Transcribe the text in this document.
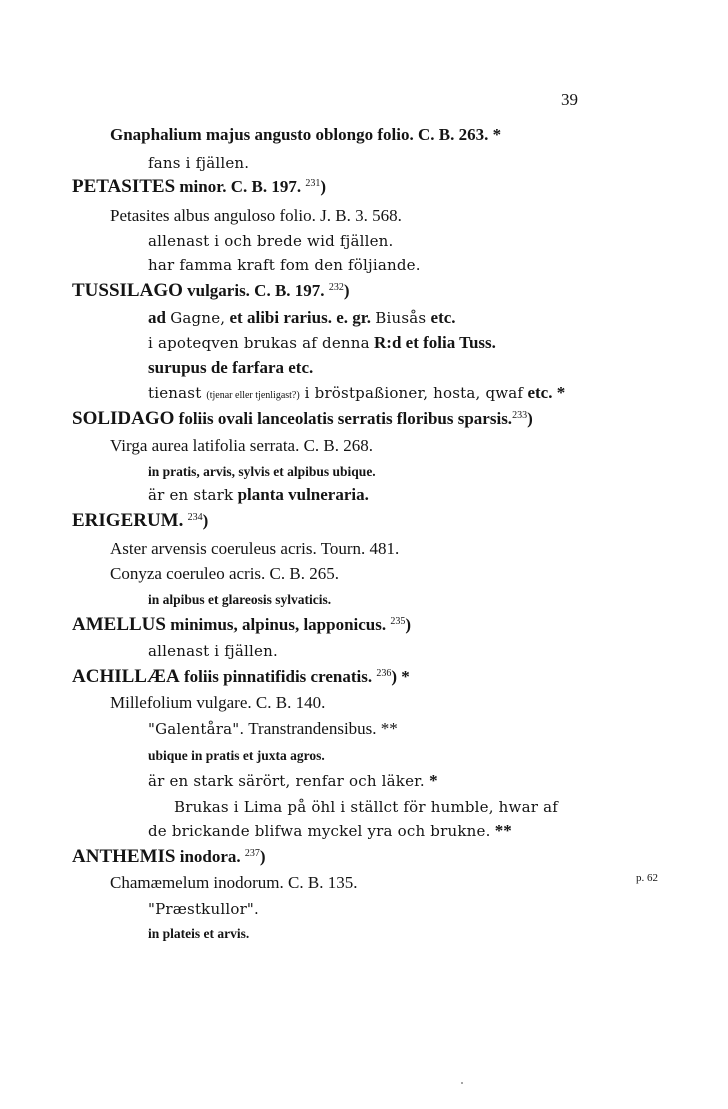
39
Gnaphalium majus angusto oblongo folio. C. B. 263. *
fans i fjällen.
PETASITES minor. C. B. 197. $^{231}$)
Petasites albus anguloso folio. J. B. 3. 568.
allenast i och brede wid fjällen.
har famma kraft fom den följiande.
TUSSILAGO vulgaris. C. B. 197. $^{232}$)
ad Gagne, et alibi rarius. e. gr. Biusås etc.
i apoteqven brukas af denna R:d et folia Tuss.
surupus de farfara etc.
tienast (tjenar eller tjenligast?) i bröstpaßioner, hosta, qwaf etc. *
SOLIDAGO foliis ovali lanceolatis serratis floribus sparsis.$^{233}$)
Virga aurea latifolia serrata. C. B. 268.
in pratis, arvis, sylvis et alpibus ubique.
är en stark planta vulneraria.
ERIGERUM. $^{234}$)
Aster arvensis coeruleus acris. Tourn. 481.
Conyza coeruleo acris. C. B. 265.
in alpibus et glareosis sylvaticis.
AMELLUS minimus, alpinus, lapponicus. $^{235}$)
allenast i fjällen.
ACHILLÆA foliis pinnatifidis crenatis. $^{236}$) *
Millefolium vulgare. C. B. 140.
"Galentåra". Transtrandensibus. **
ubique in pratis et juxta agros.
är en stark särört, renfar och läker. *
Brukas i Lima på öhl i ställct för humble, hwar af
de brickande blifwa myckel yra och brukne. **
ANTHEMIS inodora. $^{237}$)
Chamæmelum inodorum. C. B. 135.
"Præstkullor".
in plateis et arvis.
p. 62
